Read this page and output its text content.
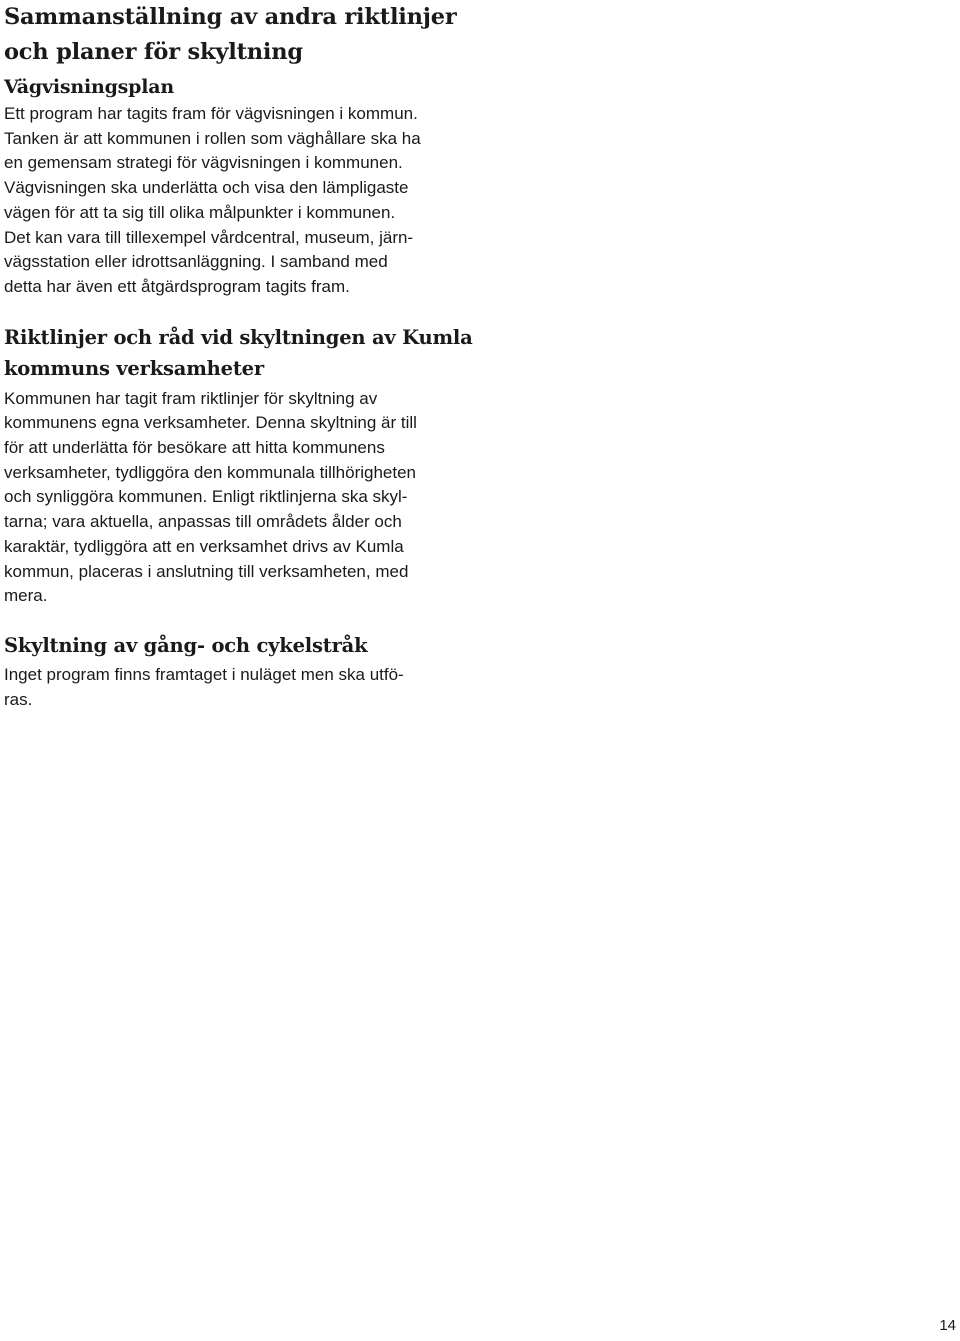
Sammanställning av andra riktlinjer
och planer för skyltning
Vägvisningsplan

Ett program har tagits fram för vägvisningen i kommun.
Tanken är att kommunen i rollen som väghållare ska ha
en gemensam strategi för vägvisningen i kommunen.
Vägvisningen ska underlätta och visa den lämpligaste
vägen för att ta sig till olika målpunkter i kommunen.
Det kan vara till tillexempel vårdcentral, museum, järn-
vägsstation eller idrottsanläggning. I samband med
detta har även ett åtgärdsprogram tagits fram.

Riktlinjer och råd vid skyltningen av Kumla
kommuns verksamheter

Kommunen har tagit fram riktlinjer för skyltning av
kommunens egna verksamheter. Denna skyltning är till
för att underlätta för besökare att hitta kommunens
verksamheter, tydliggöra den kommunala tillhörigheten
och synliggöra kommunen. Enligt riktlinjerna ska skyl-
tarna; vara aktuella, anpassas till områdets ålder och
karaktär, tydliggöra att en verksamhet drivs av Kumla
kommun, placeras i anslutning till verksamheten, med
mera.

Skyltning av gång- och cykelstråk

Inget program finns framtaget i nuläget men ska utfö-
ras.

14
